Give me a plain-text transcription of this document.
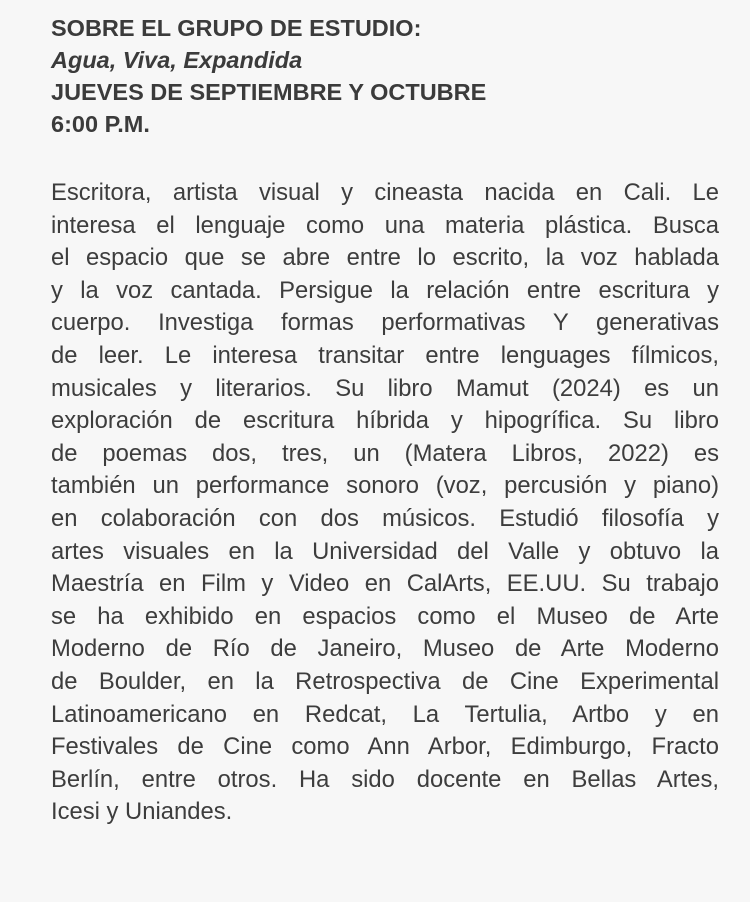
SOBRE EL GRUPO DE ESTUDIO:
Agua, Viva, Expandida
JUEVES DE SEPTIEMBRE Y OCTUBRE
6:00 P.M.
Escritora, artista visual y cineasta nacida en Cali. Le
interesa el lenguaje como una materia plástica. Busca
el espacio que se abre entre lo escrito, la voz hablada
y la voz cantada. Persigue la relación entre escritura y
cuerpo. Investiga formas performativas Y generativas
de leer. Le interesa transitar entre lenguages fílmicos,
musicales y literarios. Su libro Mamut (2024) es un
exploración de escritura híbrida y hipogrífica. Su libro
de poemas dos, tres, un (Matera Libros, 2022) es
también un performance sonoro (voz, percusión y piano)
en colaboración con dos músicos. Estudió filosofía y
artes visuales en la Universidad del Valle y obtuvo la
Maestría en Film y Video en CalArts, EE.UU. Su trabajo
se ha exhibido en espacios como el Museo de Arte
Moderno de Río de Janeiro, Museo de Arte Moderno
de Boulder, en la Retrospectiva de Cine Experimental
Latinoamericano en Redcat, La Tertulia, Artbo y en
Festivales de Cine como Ann Arbor, Edimburgo, Fracto
Berlín, entre otros. Ha sido docente en Bellas Artes,
Icesi y Uniandes.
